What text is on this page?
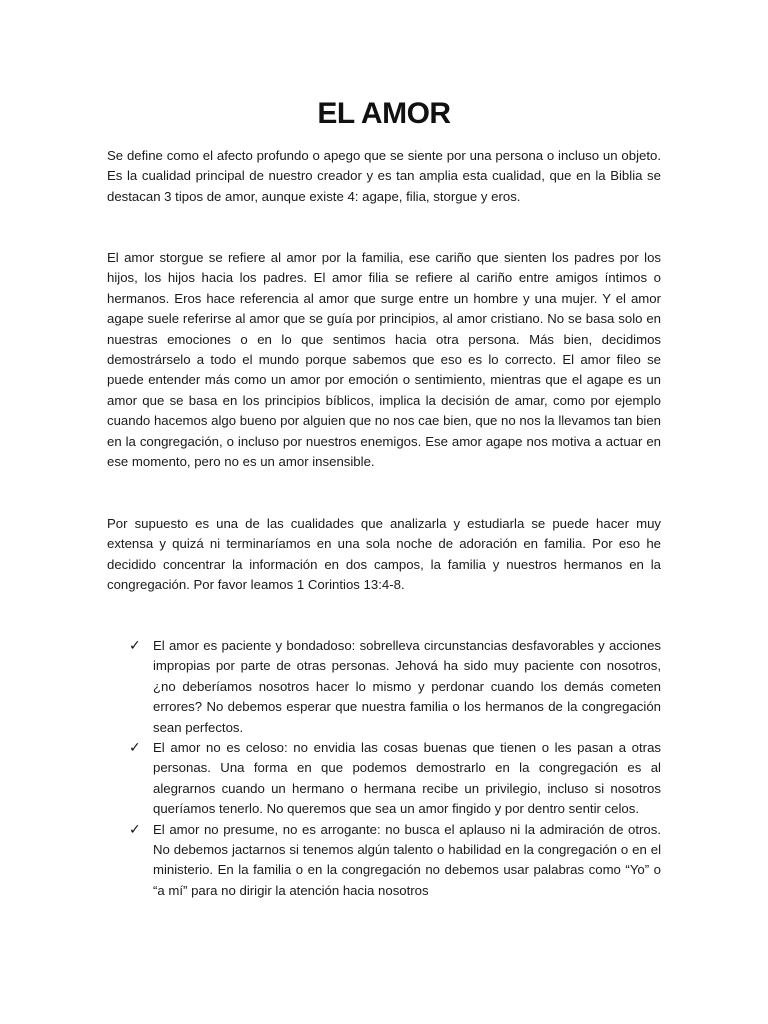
EL AMOR

Se define como el afecto profundo o apego que se siente por una persona o incluso un objeto. Es la cualidad principal de nuestro creador y es tan amplia esta cualidad, que en la Biblia se destacan 3 tipos de amor, aunque existe 4: agape, filia, storgue y eros.

El amor storgue se refiere al amor por la familia, ese cariño que sienten los padres por los hijos, los hijos hacia los padres. El amor filia se refiere al cariño entre amigos íntimos o hermanos. Eros hace referencia al amor que surge entre un hombre y una mujer. Y el amor agape suele referirse al amor que se guía por principios, al amor cristiano. No se basa solo en nuestras emociones o en lo que sentimos hacia otra persona. Más bien, decidimos demostrárselo a todo el mundo porque sabemos que eso es lo correcto. El amor fileo se puede entender más como un amor por emoción o sentimiento, mientras que el agape es un amor que se basa en los principios bíblicos, implica la decisión de amar, como por ejemplo cuando hacemos algo bueno por alguien que no nos cae bien, que no nos la llevamos tan bien en la congregación, o incluso por nuestros enemigos. Ese amor agape nos motiva a actuar en ese momento, pero no es un amor insensible.

Por supuesto es una de las cualidades que analizarla y estudiarla se puede hacer muy extensa y quizá ni terminaríamos en una sola noche de adoración en familia. Por eso he decidido concentrar la información en dos campos, la familia y nuestros hermanos en la congregación. Por favor leamos 1 Corintios 13:4-8.

✓ El amor es paciente y bondadoso: sobrelleva circunstancias desfavorables y acciones impropias por parte de otras personas. Jehová ha sido muy paciente con nosotros, ¿no deberíamos nosotros hacer lo mismo y perdonar cuando los demás cometen errores? No debemos esperar que nuestra familia o los hermanos de la congregación sean perfectos.
✓ El amor no es celoso: no envidia las cosas buenas que tienen o les pasan a otras personas. Una forma en que podemos demostrarlo en la congregación es al alegrarnos cuando un hermano o hermana recibe un privilegio, incluso si nosotros queríamos tenerlo. No queremos que sea un amor fingido y por dentro sentir celos.
✓ El amor no presume, no es arrogante: no busca el aplauso ni la admiración de otros. No debemos jactarnos si tenemos algún talento o habilidad en la congregación o en el ministerio. En la familia o en la congregación no debemos usar palabras como “Yo” o “a mí” para no dirigir la atención hacia nosotros
